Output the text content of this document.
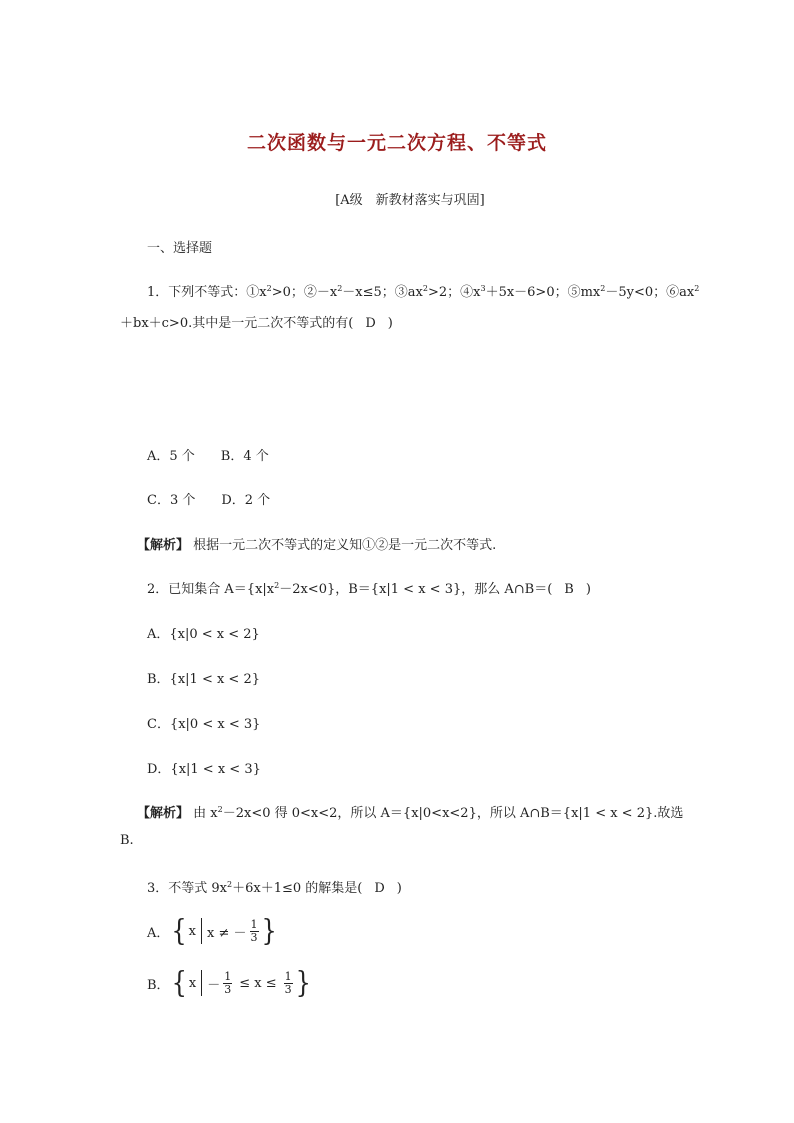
二次函数与一元二次方程、不等式
[A级　新教材落实与巩固]
一、选择题
1．下列不等式：$①x^2>0$；$②-x^2-x\le 5$；$③ax^2>2$；$④x^3+5x-6>0$；$⑤mx^2-5y<0$；$⑥ax^2$
＋bx＋c>0.其中是一元二次不等式的有( D )
A．5 个　　B．4 个
C．3 个　　D．2 个
【解析】 根据一元二次不等式的定义知①②是一元二次不等式.
2．已知集合 $A=\{x|x^2-2x<0\}$，B＝{x|1 < x < 3}，那么 A∩B＝( B )
A．{x|0 < x < 2}
B．{x|1 < x < 2}
C．{x|0 < x < 3}
D．{x|1 < x < 3}
【解析】 由 $x^2-2x<0$ 得 0<x<2，所以 A＝{x|0<x<2}，所以 A∩B＝{x|1 < x < 2}.故选
B.
3．不等式 $9x^2+6x+1\le 0$ 的解集是( D )
A． { x x ≠ － $\frac{1}{3}$ }
B． { $x - \frac{1}{3} \le x \le \frac{1}{3}$ }
